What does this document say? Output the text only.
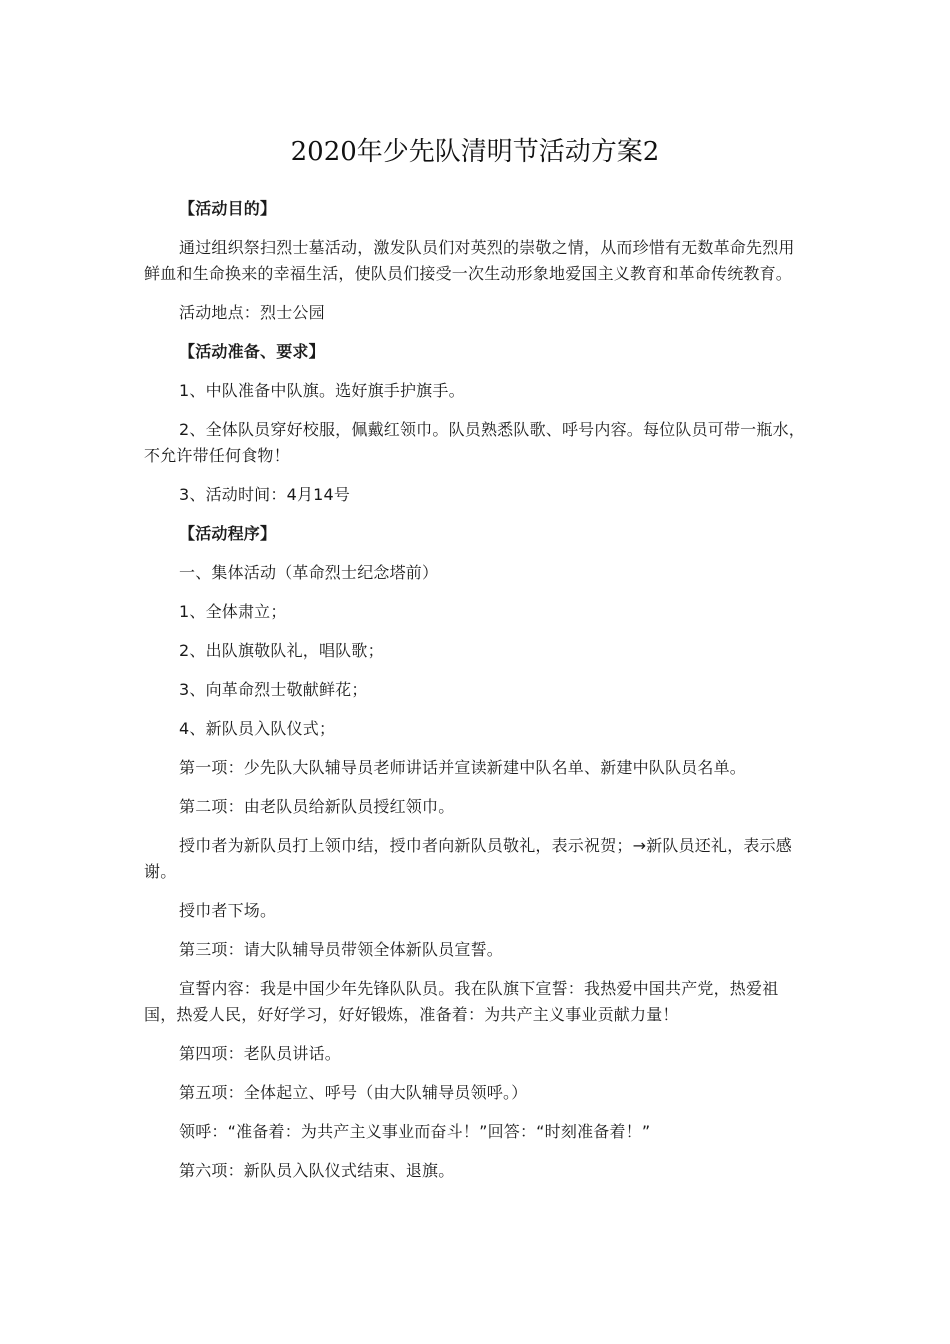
2020年少先队清明节活动方案2

【活动目的】

通过组织祭扫烈士墓活动，激发队员们对英烈的崇敬之情，从而珍惜有无数革命先烈用鲜血和生命换来的幸福生活，使队员们接受一次生动形象地爱国主义教育和革命传统教育。

活动地点：烈士公园

【活动准备、要求】

1、中队准备中队旗。选好旗手护旗手。

2、全体队员穿好校服，佩戴红领巾。队员熟悉队歌、呼号内容。每位队员可带一瓶水，不允许带任何食物！

3、活动时间：4月14号

【活动程序】

一、集体活动（革命烈士纪念塔前）

1、全体肃立；

2、出队旗敬队礼，唱队歌；

3、向革命烈士敬献鲜花；

4、新队员入队仪式；

第一项：少先队大队辅导员老师讲话并宣读新建中队名单、新建中队队员名单。

第二项：由老队员给新队员授红领巾。

授巾者为新队员打上领巾结，授巾者向新队员敬礼，表示祝贺；→新队员还礼，表示感谢。

授巾者下场。

第三项：请大队辅导员带领全体新队员宣誓。

宣誓内容：我是中国少年先锋队队员。我在队旗下宣誓：我热爱中国共产党，热爱祖国，热爱人民，好好学习，好好锻炼，准备着：为共产主义事业贡献力量！

第四项：老队员讲话。

第五项：全体起立、呼号（由大队辅导员领呼。）

领呼：“准备着：为共产主义事业而奋斗！”回答：“时刻准备着！”

第六项：新队员入队仪式结束、退旗。
